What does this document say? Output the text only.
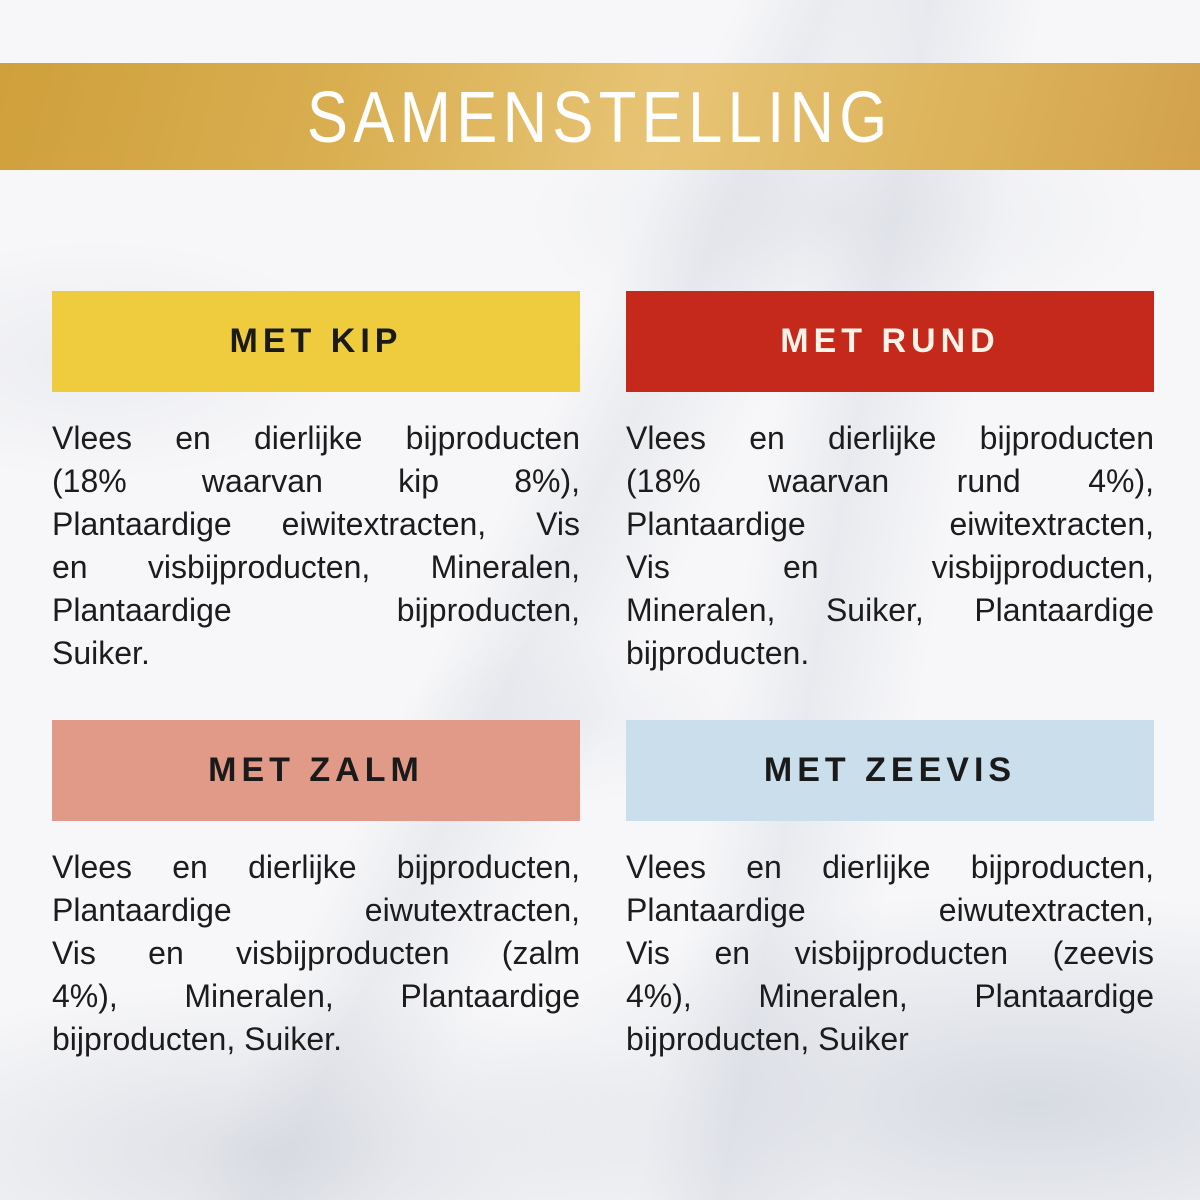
SAMENSTELLING
MET KIP
Vlees en dierlijke bijproducten
(18% waarvan kip 8%),
Plantaardige eiwitextracten, Vis
en visbijproducten, Mineralen,
Plantaardige bijproducten,
Suiker.
MET RUND
Vlees en dierlijke bijproducten
(18% waarvan rund 4%),
Plantaardige eiwitextracten,
Vis en visbijproducten,
Mineralen, Suiker, Plantaardige
bijproducten.
MET ZALM
Vlees en dierlijke bijproducten,
Plantaardige eiwutextracten,
Vis en visbijproducten (zalm
4%), Mineralen, Plantaardige
bijproducten, Suiker.
MET ZEEVIS
Vlees en dierlijke bijproducten,
Plantaardige eiwutextracten,
Vis en visbijproducten (zeevis
4%), Mineralen, Plantaardige
bijproducten, Suiker
